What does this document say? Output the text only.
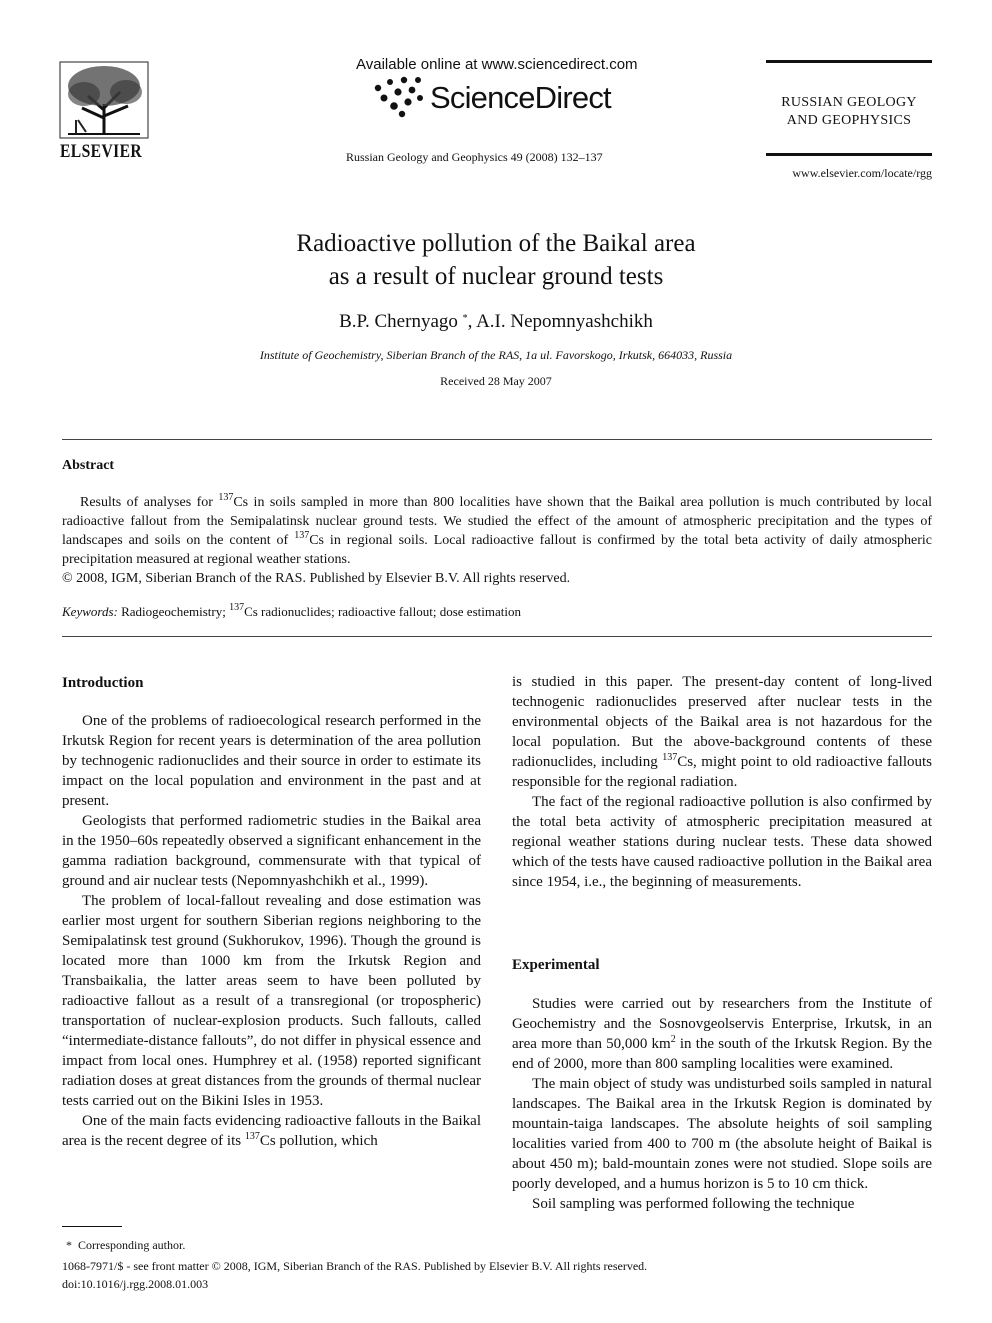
ELSEVIER
Available online at www.sciencedirect.com
ScienceDirect
Russian Geology and Geophysics 49 (2008) 132–137
RUSSIAN GEOLOGY
AND GEOPHYSICS
www.elsevier.com/locate/rgg
Radioactive pollution of the Baikal area
as a result of nuclear ground tests
B.P. Chernyago *, A.I. Nepomnyashchikh
Institute of Geochemistry, Siberian Branch of the RAS, 1a ul. Favorskogo, Irkutsk, 664033, Russia
Received 28 May 2007
Abstract

Results of analyses for $^{137}$Cs in soils sampled in more than 800 localities have shown that the Baikal area pollution is much contributed by local radioactive fallout from the Semipalatinsk nuclear ground tests. We studied the effect of the amount of atmospheric precipitation and the types of landscapes and soils on the content of $^{137}$Cs in regional soils. Local radioactive fallout is confirmed by the total beta activity of daily atmospheric precipitation measured at regional weather stations.

© 2008, IGM, Siberian Branch of the RAS. Published by Elsevier B.V. All rights reserved.

Keywords: Radiogeochemistry; $^{137}$Cs radionuclides; radioactive fallout; dose estimation
Introduction

One of the problems of radioecological research performed in the Irkutsk Region for recent years is determination of the area pollution by technogenic radionuclides and their source in order to estimate its impact on the local population and environment in the past and at present.

Geologists that performed radiometric studies in the Baikal area in the 1950–60s repeatedly observed a significant enhancement in the gamma radiation background, commensurate with that typical of ground and air nuclear tests (Nepomnyashchikh et al., 1999).

The problem of local-fallout revealing and dose estimation was earlier most urgent for southern Siberian regions neighboring to the Semipalatinsk test ground (Sukhorukov, 1996). Though the ground is located more than 1000 km from the Irkutsk Region and Transbaikalia, the latter areas seem to have been polluted by radioactive fallout as a result of a transregional (or tropospheric) transportation of nuclear-explosion products. Such fallouts, called “intermediate-distance fallouts”, do not differ in physical essence and impact from local ones. Humphrey et al. (1958) reported significant radiation doses at great distances from the grounds of thermal nuclear tests carried out on the Bikini Isles in 1953.

One of the main facts evidencing radioactive fallouts in the Baikal area is the recent degree of its $^{137}$Cs pollution, which

is studied in this paper. The present-day content of long-lived technogenic radionuclides preserved after nuclear tests in the environmental objects of the Baikal area is not hazardous for the local population. But the above-background contents of these radionuclides, including $^{137}$Cs, might point to old radioactive fallouts responsible for the regional radiation.

The fact of the regional radioactive pollution is also confirmed by the total beta activity of atmospheric precipitation measured at regional weather stations during nuclear tests. These data showed which of the tests have caused radioactive pollution in the Baikal area since 1954, i.e., the beginning of measurements.

Experimental

Studies were carried out by researchers from the Institute of Geochemistry and the Sosnovgeolservis Enterprise, Irkutsk, in an area more than 50,000 $km^2$ in the south of the Irkutsk Region. By the end of 2000, more than 800 sampling localities were examined.

The main object of study was undisturbed soils sampled in natural landscapes. The Baikal area in the Irkutsk Region is dominated by mountain-taiga landscapes. The absolute heights of soil sampling localities varied from 400 to 700 m (the absolute height of Baikal is about 450 m); bald-mountain zones were not studied. Slope soils are poorly developed, and a humus horizon is 5 to 10 cm thick.

Soil sampling was performed following the technique

* Corresponding author.
1068-7971/$ - see front matter © 2008, IGM, Siberian Branch of the RAS. Published by Elsevier B.V. All rights reserved.
doi:10.1016/j.rgg.2008.01.003
